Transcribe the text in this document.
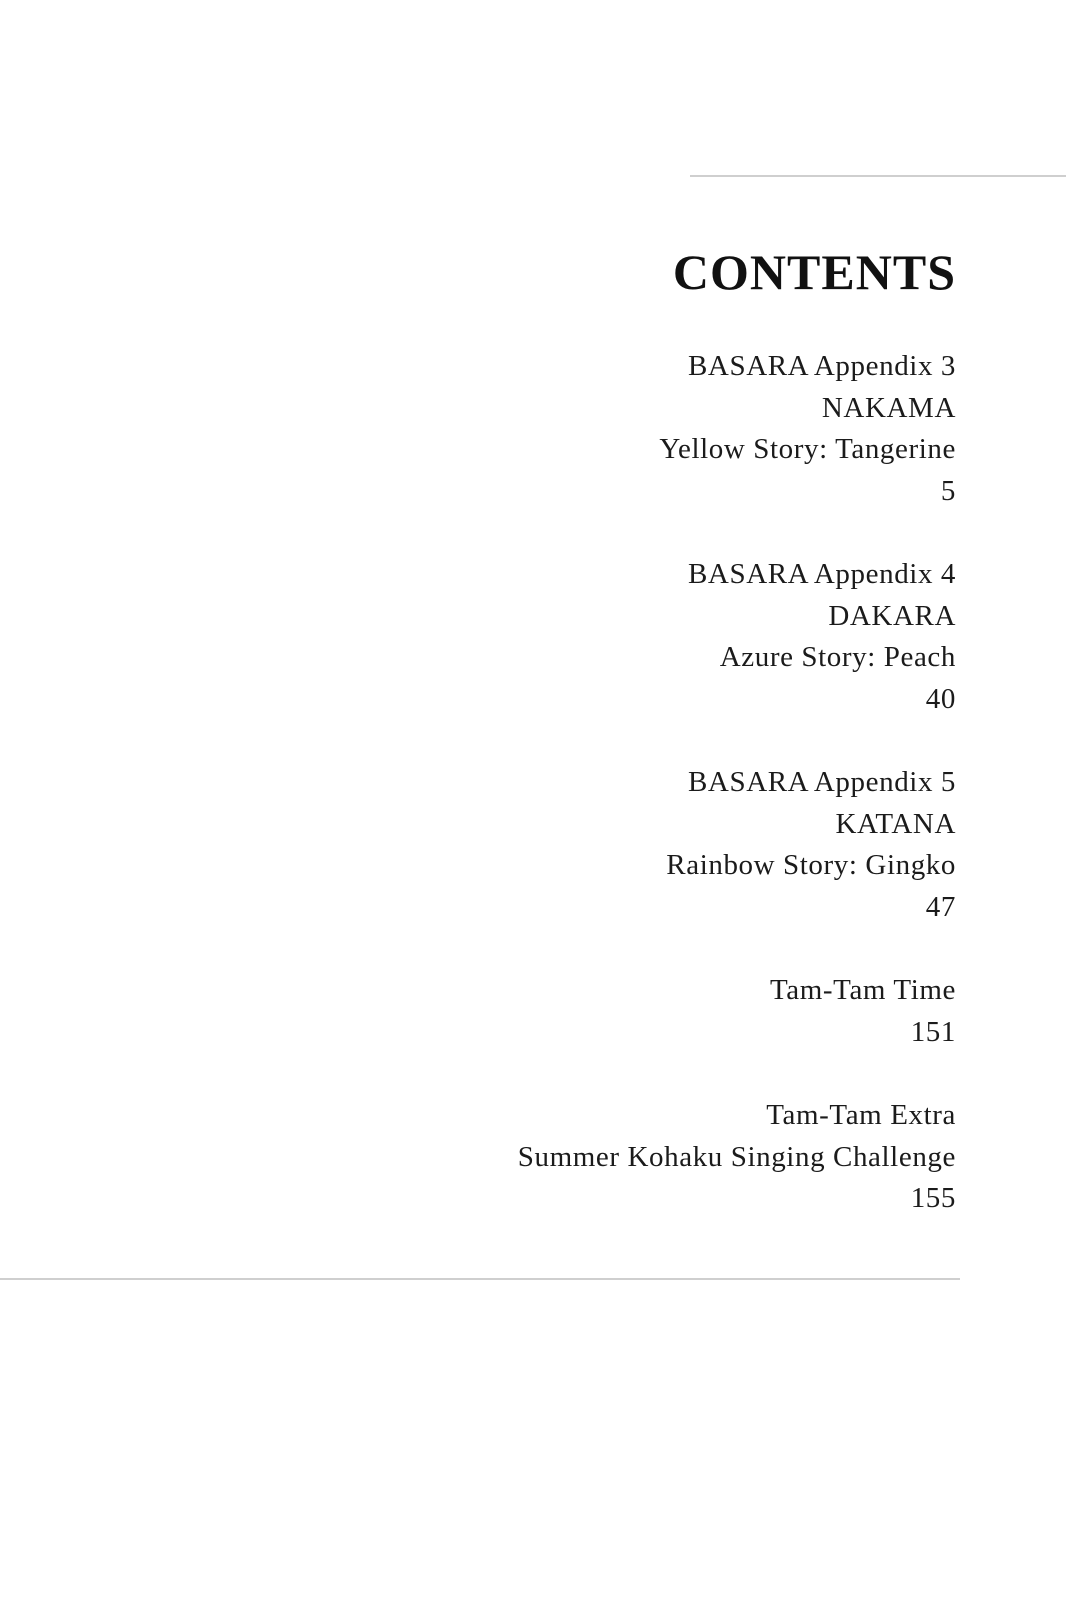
CONTENTS
BASARA Appendix 3
NAKAMA
Yellow Story: Tangerine
5
BASARA Appendix 4
DAKARA
Azure Story: Peach
40
BASARA Appendix 5
KATANA
Rainbow Story: Gingko
47
Tam-Tam Time
151
Tam-Tam Extra
Summer Kohaku Singing Challenge
155
